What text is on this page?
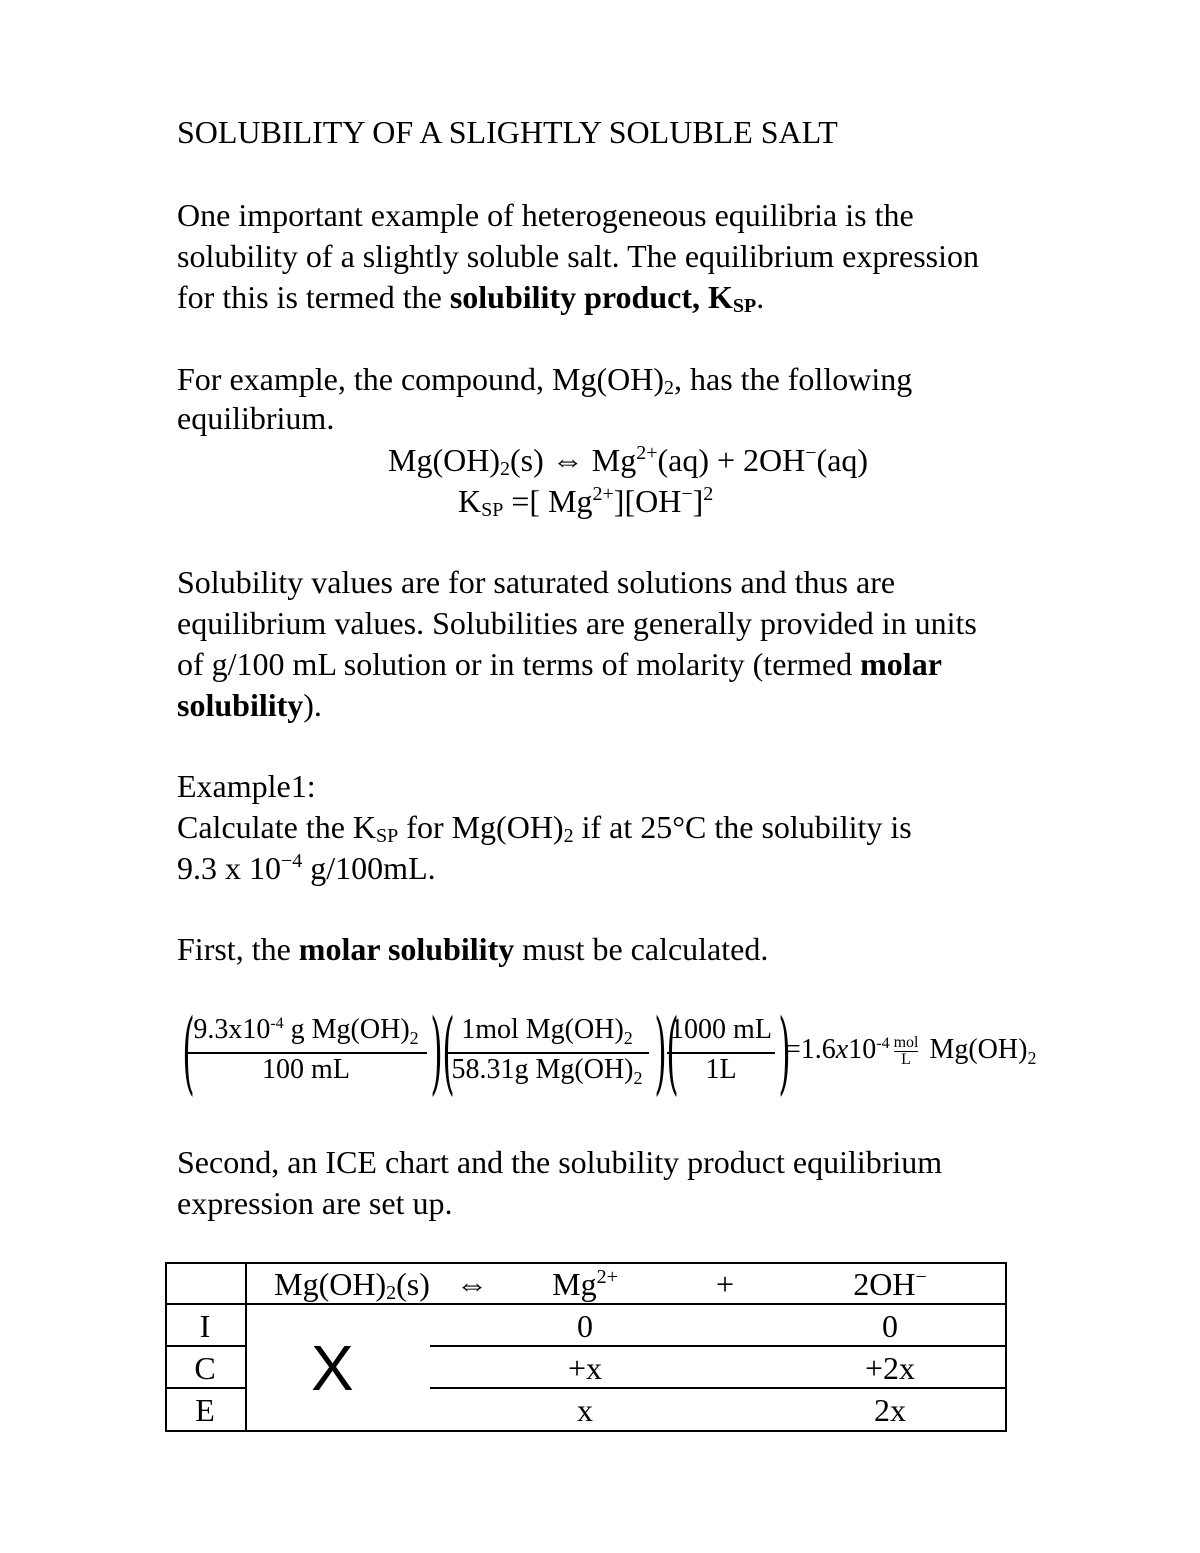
SOLUBILITY OF A SLIGHTLY SOLUBLE SALT
One important example of heterogeneous equilibria is the
solubility of a slightly soluble salt. The equilibrium expression
for this is termed the solubility product, $K_{SP}$.
For example, the compound, $Mg(OH)_2$, has the following
equilibrium.
$Mg(OH)_2(s)$ ⇔ $Mg^{2+}(aq) + 2OH^-(aq)$
$K_{SP}$ =[ $Mg^{2+}][OH^-]^2$
Solubility values are for saturated solutions and thus are
equilibrium values. Solubilities are generally provided in units
of g/100 mL solution or in terms of molarity (termed molar
solubility).
Example1:
Calculate the $K_{SP}$ for $Mg(OH)_2$ if at 25°C the solubility is
9.3 x $10^{-4}$ g/100mL.
First, the molar solubility must be calculated.
(
$9.3x10^{-4}$ g $Mg(OH)_2$
100 mL ) ( 1mol $Mg(OH)_2$
58.31g $Mg(OH)_2$ ) (
1000 mL
1L )
$=1.6x10^{-4}$ mol
L $Mg(OH)_2$
Second, an ICE chart and the solubility product equilibrium
expression are set up.
$Mg(OH)_2(s)$ ⇔	$Mg^{2+}$	+	2OH−
X
I	0	0
C	+x	+2x
E	x	2x
